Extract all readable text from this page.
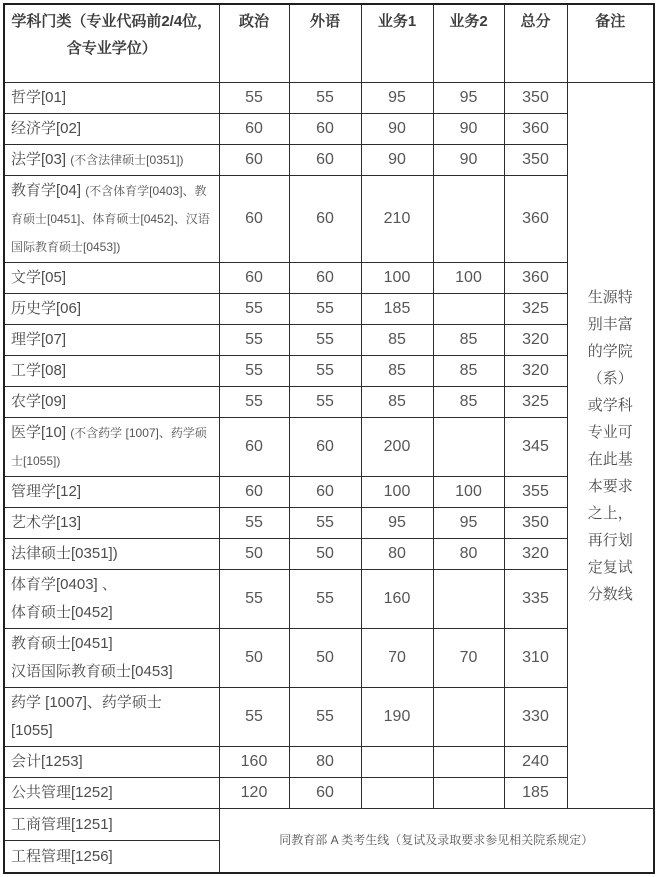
学科门类（专业代码前2/4位，含专业学位）	政治	外语	业务1	业务2	总分	备注
哲学[01]	55	55	95	95	350	生源特别丰富的学院（系）或学科专业可在此基本要求之上，再行划定复试分数线

经济学[02]	60	60	90	90	360	
法学[03] (不含法律硕士[0351])	60	60	90	90	350	
教育学[04] (不含体育学[0403]、教育硕士[0451]、体育硕士[0452]、汉语国际教育硕士[0453])	60	60	210		360	
文学[05]	60	60	100	100	360	
历史学[06]	55	55	185		325	
理学[07]	55	55	85	85	320	
工学[08]	55	55	85	85	320	
农学[09]	55	55	85	85	325	
医学[10] (不含药学 [1007]、药学硕士[1055])	60	60	200		345	
管理学[12]	60	60	100	100	355	
艺术学[13]	55	55	95	95	350	
法律硕士[0351])	50	50	80	80	320	
体育学[0403] 、
体育硕士[0452]	55	55	160		335	
教育硕士[0451]
汉语国际教育硕士[0453]	50	50	70	70	310	
药学 [1007]、药学硕士
[1055]	55	55	190		330	
会计[1253]	160	80			240	
公共管理[1252]	120	60			185	
工商管理[1251]	同教育部 A 类考生线（复试及录取要求参见相关院系规定）					
工程管理[1256]						
